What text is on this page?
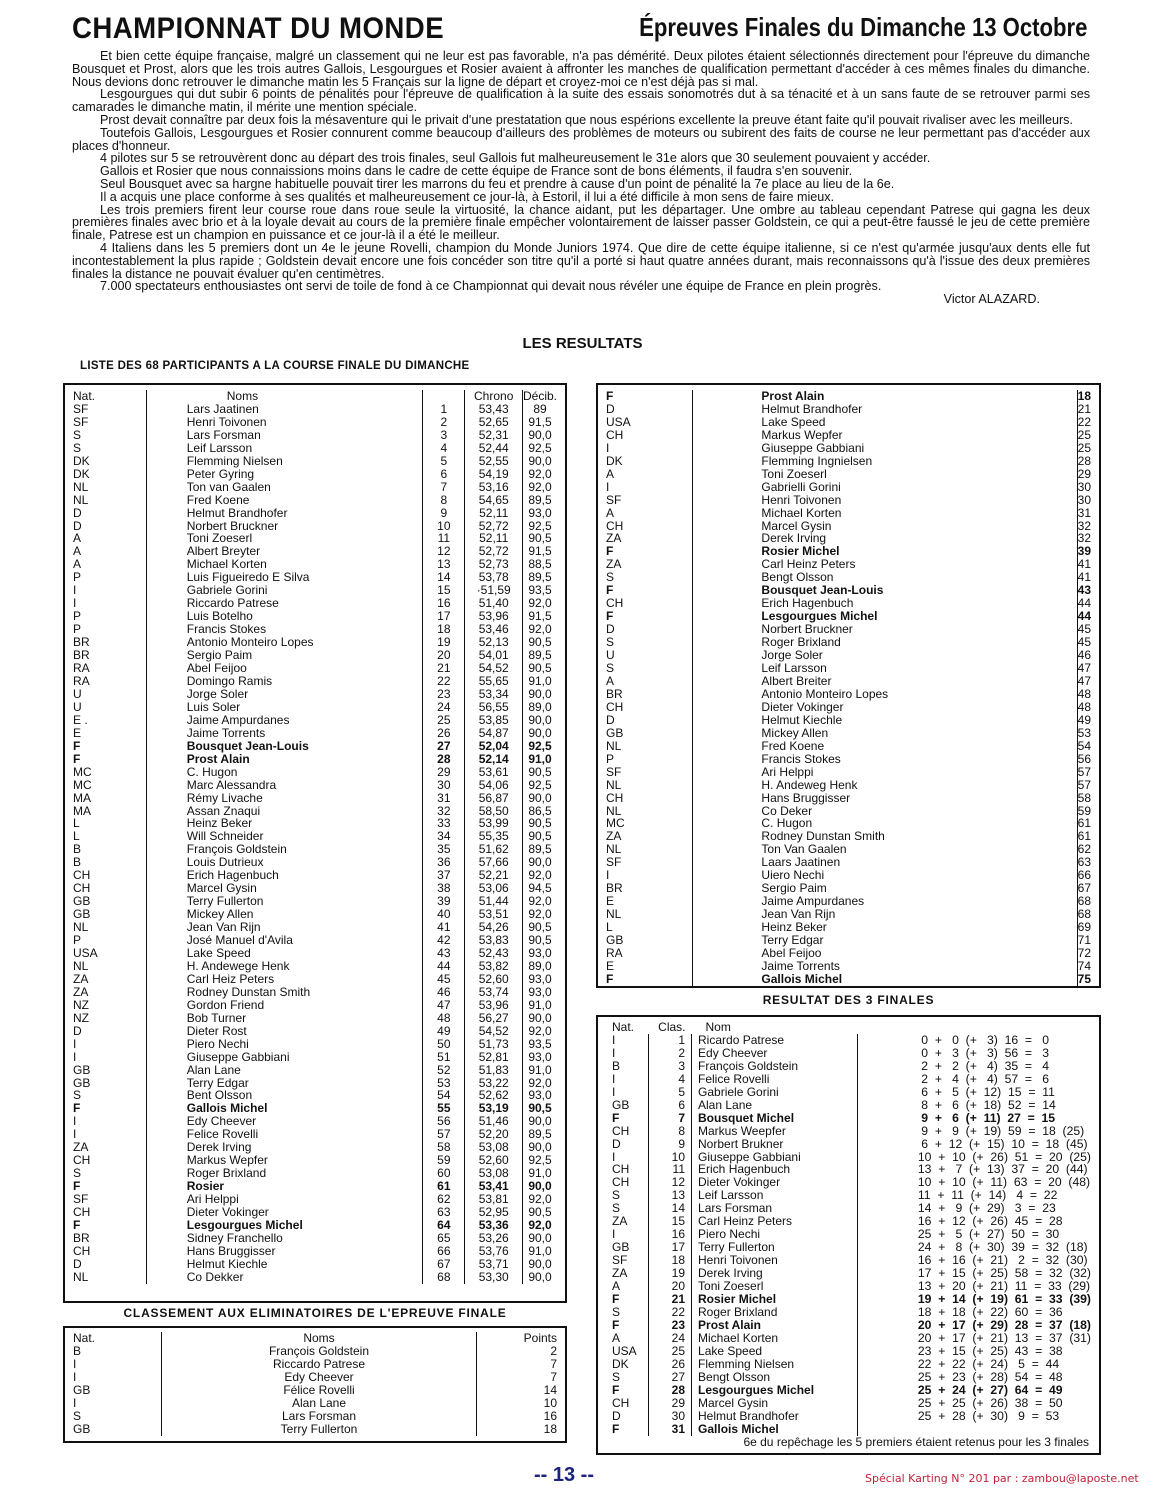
CHAMPIONNAT DU MONDE	Épreuves Finales du Dimanche 13 Octobre

Et bien cette équipe française, malgré un classement qui ne leur est pas favorable, n'a pas démérité. Deux pilotes étaient sélectionnés directement pour l'épreuve du dimanche Bousquet et Prost, alors que les trois autres Gallois, Lesgourgues et Rosier avaient à affronter les manches de qualification permettant d'accéder à ces mêmes finales du dimanche. Nous devions donc retrouver le dimanche matin les 5 Français sur la ligne de départ et croyez-moi ce n'est déjà pas si mal.

Lesgourgues qui dut subir 6 points de pénalités pour l'épreuve de qualification à la suite des essais sonomotrés dut à sa ténacité et à un sans faute de se retrouver parmi ses camarades le dimanche matin, il mérite une mention spéciale.

Prost devait connaître par deux fois la mésaventure qui le privait d'une prestatation que nous espérions excellente la preuve étant faite qu'il pouvait rivaliser avec les meilleurs.

Toutefois Gallois, Lesgourgues et Rosier connurent comme beaucoup d'ailleurs des problèmes de moteurs ou subirent des faits de course ne leur permettant pas d'accéder aux places d'honneur.

4 pilotes sur 5 se retrouvèrent donc au départ des trois finales, seul Gallois fut malheureusement le 31e alors que 30 seulement pouvaient y accéder.

Gallois et Rosier que nous connaissions moins dans le cadre de cette équipe de France sont de bons éléments, il faudra s'en souvenir.

Seul Bousquet avec sa hargne habituelle pouvait tirer les marrons du feu et prendre à cause d'un point de pénalité la 7e place au lieu de la 6e.

Il a acquis une place conforme à ses qualités et malheureusement ce jour-là, à Estoril, il lui a été difficile à mon sens de faire mieux.

Les trois premiers firent leur course roue dans roue seule la virtuosité, la chance aidant, put les départager. Une ombre au tableau cependant Patrese qui gagna les deux premières finales avec brio et à la loyale devait au cours de la première finale empêcher volontairement de laisser passer Goldstein, ce qui a peut-être faussé le jeu de cette première finale, Patrese est un champion en puissance et ce jour-là il a été le meilleur.

4 Italiens dans les 5 premiers dont un 4e le jeune Rovelli, champion du Monde Juniors 1974. Que dire de cette équipe italienne, si ce n'est qu'armée jusqu'aux dents elle fut incontestablement la plus rapide ; Goldstein devait encore une fois concéder son titre qu'il a porté si haut quatre années durant, mais reconnaissons qu'à l'issue des deux premières finales la distance ne pouvait évaluer qu'en centimètres.

7.000 spectateurs enthousiastes ont servi de toile de fond à ce Championnat qui devait nous révéler une équipe de France en plein progrès.

Victor ALAZARD.

LES RESULTATS
LISTE DES 68 PARTICIPANTS A LA COURSE FINALE DU DIMANCHE
Nat.	Noms		Chrono	Décib.
SF	Lars Jaatinen	1	53,43	89
SF	Henri Toivonen	2	52,65	91,5
S	Lars Forsman	3	52,31	90,0
S	Leif Larsson	4	52,44	92,5
DK	Flemming Nielsen	5	52,55	90,0
DK	Peter Gyring	6	54,19	92,0
NL	Ton van Gaalen	7	53,16	92,0
NL	Fred Koene	8	54,65	89,5
D	Helmut Brandhofer	9	52,11	93,0
D	Norbert Bruckner	10	52,72	92,5
A	Toni Zoeserl	11	52,11	90,5
A	Albert Breyter	12	52,72	91,5
A	Michael Korten	13	52,73	88,5
P	Luis Figueiredo E Silva	14	53,78	89,5
I	Gabriele Gorini	15	·51,59	93,5
I	Riccardo Patrese	16	51,40	92,0
P	Luis Botelho	17	53,96	91,5
P	Francis Stokes	18	53,46	92,0
BR	Antonio Monteiro Lopes	19	52,13	90,5
BR	Sergio Paim	20	54,01	89,5
RA	Abel Feijoo	21	54,52	90,5
RA	Domingo Ramis	22	55,65	91,0
U	Jorge Soler	23	53,34	90,0
U	Luis Soler	24	56,55	89,0
E .	Jaime Ampurdanes	25	53,85	90,0
E	Jaime Torrents	26	54,87	90,0
F	Bousquet Jean-Louis	27	52,04	92,5
F	Prost Alain	28	52,14	91,0
MC	C. Hugon	29	53,61	90,5
MC	Marc Alessandra	30	54,06	92,5
MA	Rémy Livache	31	56,87	90,0
MA	Assan Znaqui	32	58,50	86,5
L	Heinz Beker	33	53,99	90,5
L	Will Schneider	34	55,35	90,5
B	François Goldstein	35	51,62	89,5
B	Louis Dutrieux	36	57,66	90,0
CH	Erich Hagenbuch	37	52,21	92,0
CH	Marcel Gysin	38	53,06	94,5
GB	Terry Fullerton	39	51,44	92,0
GB	Mickey Allen	40	53,51	92,0
NL	Jean Van Rijn	41	54,26	90,5
P	José Manuel d'Avila	42	53,83	90,5
USA	Lake Speed	43	52,43	93,0
NL	H. Andewege Henk	44	53,82	89,0
ZA	Carl Heiz Peters	45	52,60	93,0
ZA	Rodney Dunstan Smith	46	53,74	93,0
NZ	Gordon Friend	47	53,96	91,0
NZ	Bob Turner	48	56,27	90,0
D	Dieter Rost	49	54,52	92,0
I	Piero Nechi	50	51,73	93,5
I	Giuseppe Gabbiani	51	52,81	93,0
GB	Alan Lane	52	51,83	91,0
GB	Terry Edgar	53	53,22	92,0
S	Bent Olsson	54	52,62	93,0
F	Gallois Michel	55	53,19	90,5
I	Edy Cheever	56	51,46	90,0
I	Felice Rovelli	57	52,20	89,5
ZA	Derek Irving	58	53,08	90,0
CH	Markus Wepfer	59	52,60	92,5
S	Roger Brixland	60	53,08	91,0
F	Rosier	61	53,41	90,0
SF	Ari Helppi	62	53,81	92,0
CH	Dieter Vokinger	63	52,95	90,5
F	Lesgourgues Michel	64	53,36	92,0
BR	Sidney Franchello	65	53,26	90,0
CH	Hans Bruggisser	66	53,76	91,0
D	Helmut Kiechle	67	53,71	90,0
NL	Co Dekker	68	53,30	90,0
CLASSEMENT AUX ELIMINATOIRES DE L'EPREUVE FINALE
Nat.	Noms	Points
B	François Goldstein	2
I	Riccardo Patrese	7
I	Edy Cheever	7
GB	Félice Rovelli	14
I	Alan Lane	10
S	Lars Forsman	16
GB	Terry Fullerton	18
F	Prost Alain	18
D	Helmut Brandhofer	21
USA	Lake Speed	22
CH	Markus Wepfer	25
I	Giuseppe Gabbiani	25
DK	Flemming Ingnielsen	28
A	Toni Zoeserl	29
I	Gabrielli Gorini	30
SF	Henri Toivonen	30
A	Michael Korten	31
CH	Marcel Gysin	32
ZA	Derek Irving	32
F	Rosier Michel	39
ZA	Carl Heinz Peters	41
S	Bengt Olsson	41
F	Bousquet Jean-Louis	43
CH	Erich Hagenbuch	44
F	Lesgourgues Michel	44
D	Norbert Bruckner	45
S	Roger Brixland	45
U	Jorge Soler	46
S	Leif Larsson	47
A	Albert Breiter	47
BR	Antonio Monteiro Lopes	48
CH	Dieter Vokinger	48
D	Helmut Kiechle	49
GB	Mickey Allen	53
NL	Fred Koene	54
P	Francis Stokes	56
SF	Ari Helppi	57
NL	H. Andeweg Henk	57
CH	Hans Bruggisser	58
NL	Co Deker	59
MC	C. Hugon	61
ZA	Rodney Dunstan Smith	61
NL	Ton Van Gaalen	62
SF	Laars Jaatinen	63
I	Uiero Nechi	66
BR	Sergio Paim	67
E	Jaime Ampurdanes	68
NL	Jean Van Rijn	68
L	Heinz Beker	69
GB	Terry Edgar	71
RA	Abel Feijoo	72
E	Jaime Torrents	74
F	Gallois Michel	75
RESULTAT DES 3 FINALES
Nat.	Clas.	Nom	
I	1	Ricardo Patrese	0  +   0  (+   3)  16  =   0
I	2	Edy Cheever	0  +   3  (+   3)  56  =   3
B	3	François Goldstein	2  +   2  (+   4)  35  =   4
I	4	Felice Rovelli	2  +   4  (+   4)  57  =   6
I	5	Gabriele Gorini	6  +   5  (+  12)  15  =  11
GB	6	Alan Lane	8  +   6  (+  18)  52  =  14
F	7	Bousquet Michel	9  +   6  (+  11)  27  =  15
CH	8	Markus Weepfer	9  +   9  (+  19)  59  =  18  (25)
D	9	Norbert Brukner	6  +  12  (+  15)  10  =  18  (45)
I	10	Giuseppe Gabbiani	10  +  10  (+  26)  51  =  20  (25)
CH	11	Erich Hagenbuch	13  +   7  (+  13)  37  =  20  (44)
CH	12	Dieter Vokinger	10  +  10  (+  11)  63  =  20  (48)
S	13	Leif Larsson	11  +  11  (+  14)   4  =  22
S	14	Lars Forsman	14  +   9  (+  29)   3  =  23
ZA	15	Carl Heinz Peters	16  +  12  (+  26)  45  =  28
I	16	Piero Nechi	25  +   5  (+  27)  50  =  30
GB	17	Terry Fullerton	24  +   8  (+  30)  39  =  32  (18)
SF	18	Henri Toivonen	16  +  16  (+  21)   2  =  32  (30)
ZA	19	Derek Irving	17  +  15  (+  25)  58  =  32  (32)
A	20	Toni Zoeserl	13  +  20  (+  21)  11  =  33  (29)
F	21	Rosier Michel	19  +  14  (+  19)  61  =  33  (39)
S	22	Roger Brixland	18  +  18  (+  22)  60  =  36
F	23	Prost Alain	20  +  17  (+  29)  28  =  37  (18)
A	24	Michael Korten	20  +  17  (+  21)  13  =  37  (31)
USA	25	Lake Speed	23  +  15  (+  25)  43  =  38
DK	26	Flemming Nielsen	22  +  22  (+  24)   5  =  44
S	27	Bengt Olsson	25  +  23  (+  28)  54  =  48
F	28	Lesgourgues Michel	25  +  24  (+  27)  64  =  49
CH	29	Marcel Gysin	25  +  25  (+  26)  38  =  50
D	30	Helmut Brandhofer	25  +  28  (+  30)   9  =  53
F	31	Gallois Michel	
6e du repêchage les 5 premiers étaient retenus pour les 3 finales
-- 13 --	Spécial Karting N° 201 par : zambou@laposte.net
